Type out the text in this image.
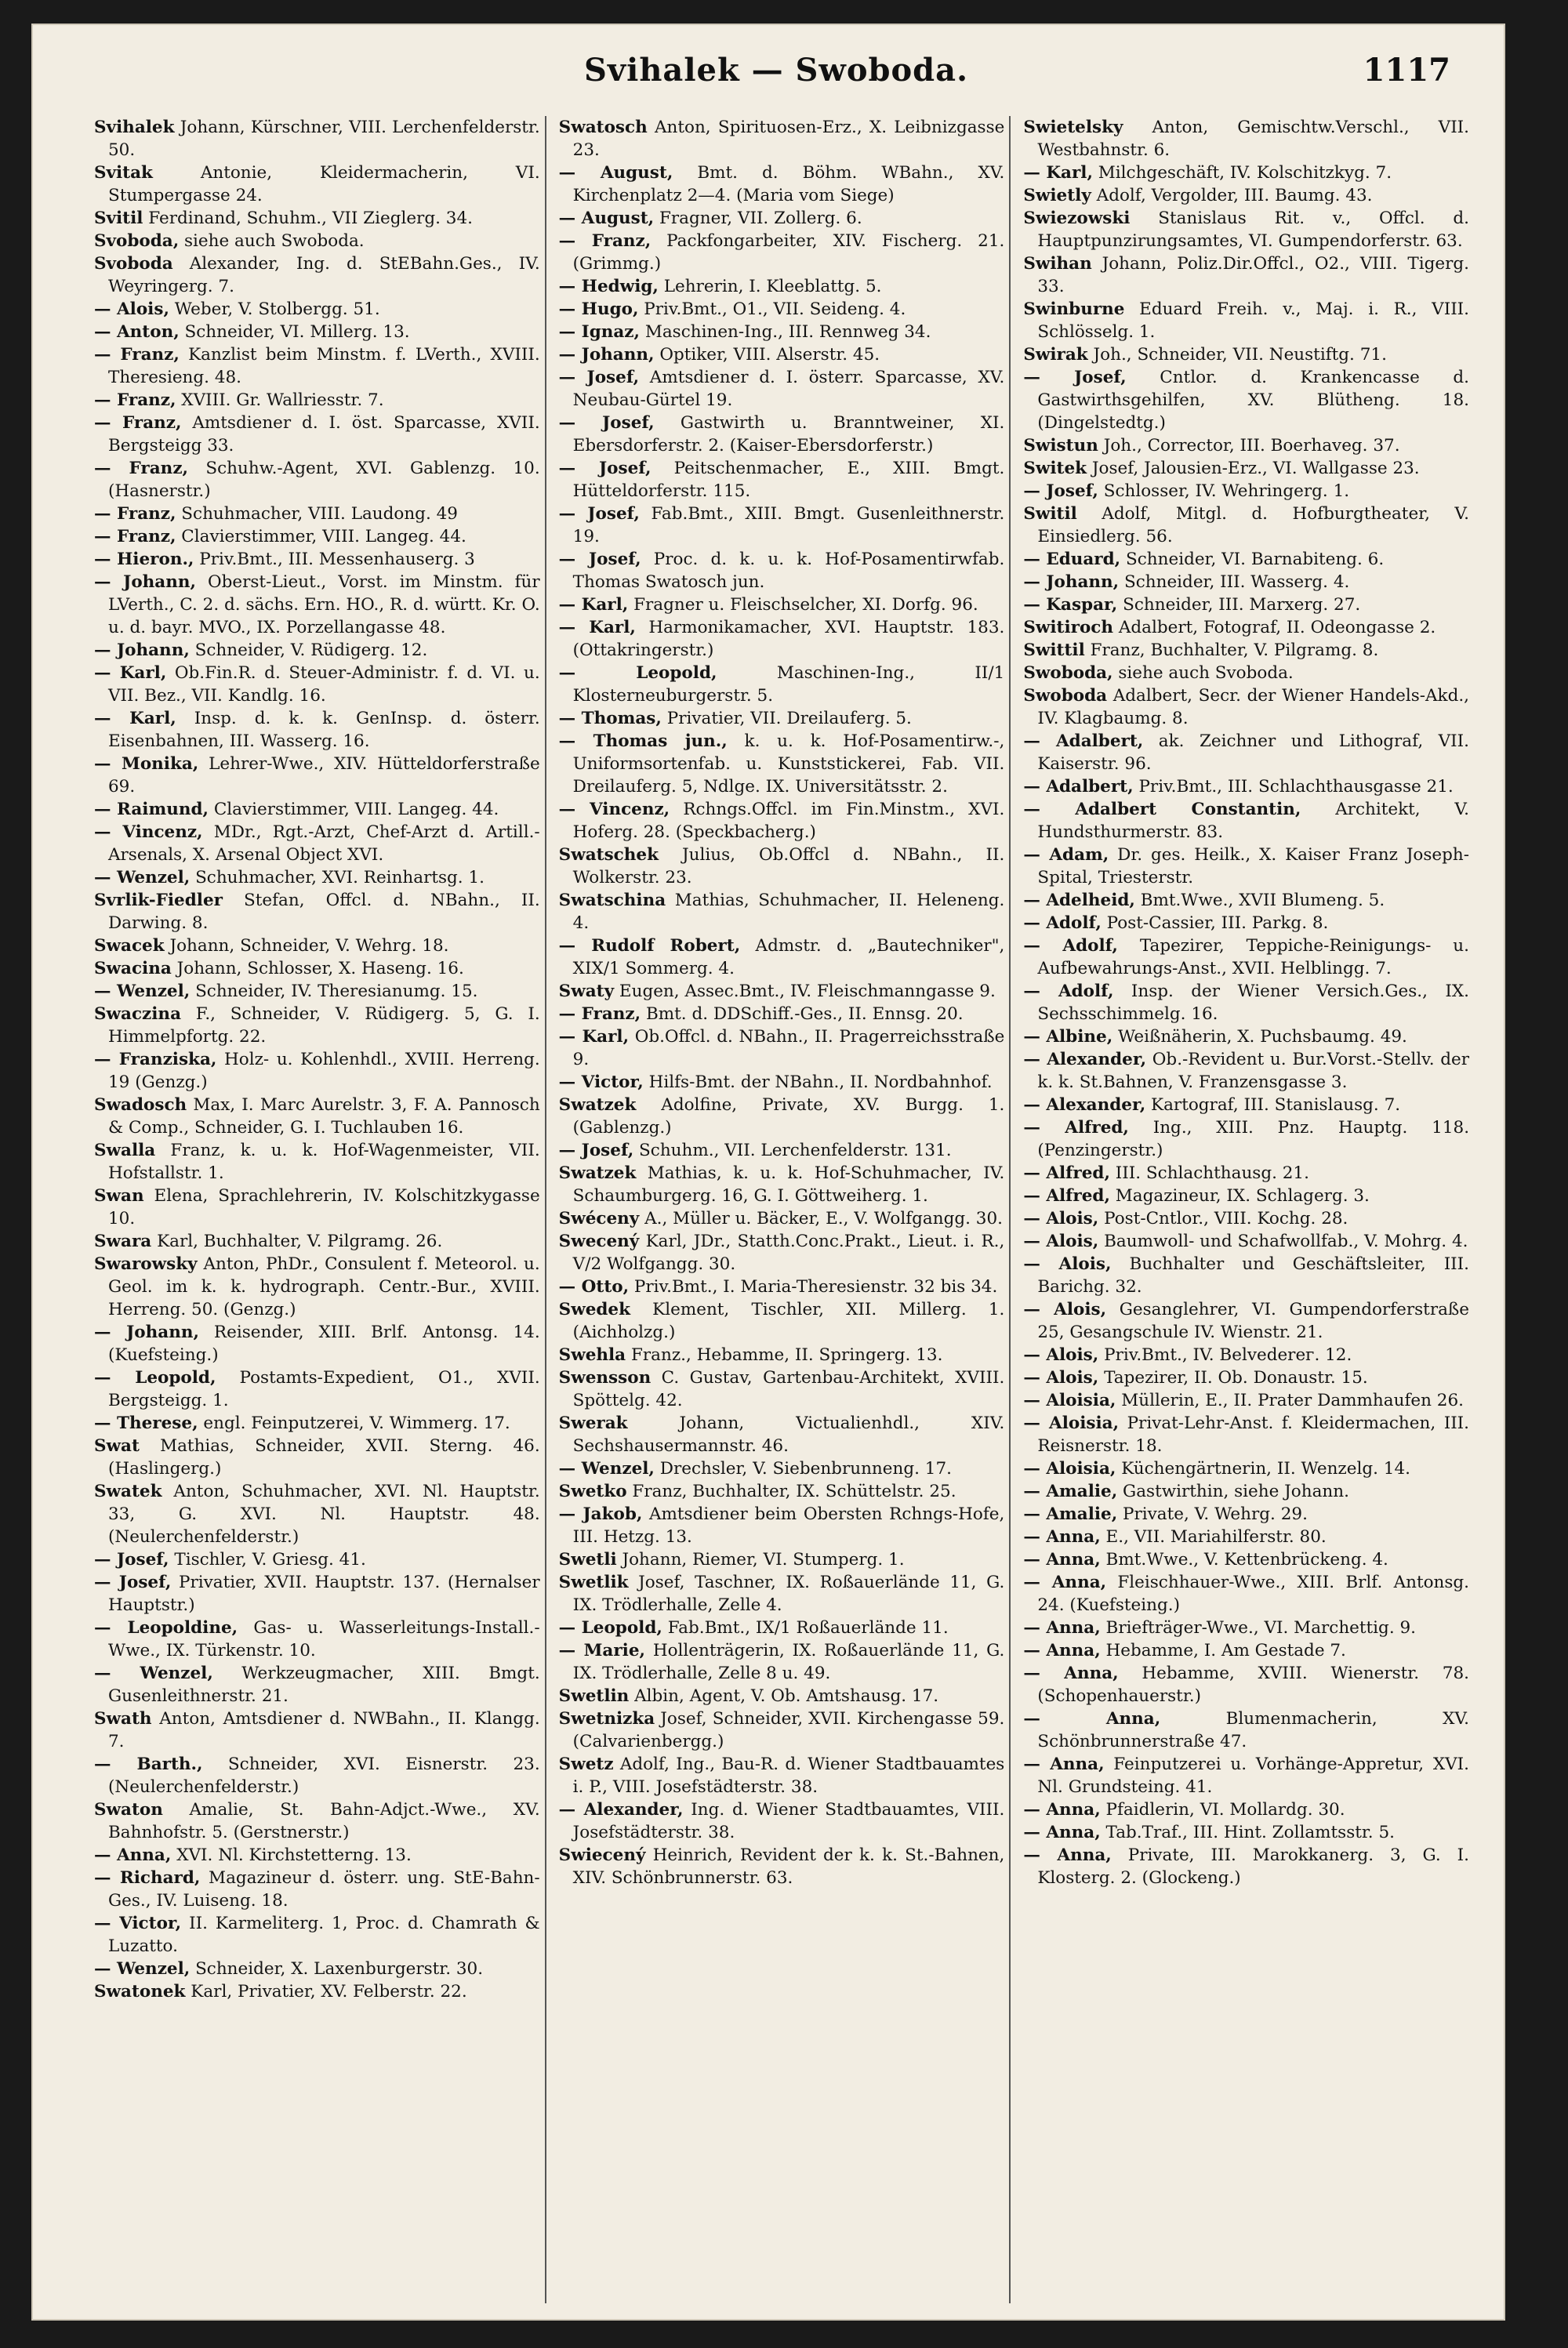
Svihalek — Swoboda.	1117

Svihalek Johann, Kürschner, VIII. Lerchenfelderstr. 50.

Svitak Antonie, Kleidermacherin, VI. Stumpergasse 24.

Svitil Ferdinand, Schuhm., VII Zieglerg. 34.

Svoboda, siehe auch Swoboda.

Svoboda Alexander, Ing. d. StEBahn.Ges., IV. Weyringerg. 7.

— Alois, Weber, V. Stolbergg. 51.

— Anton, Schneider, VI. Millerg. 13.

— Franz, Kanzlist beim Minstm. f. LVerth., XVIII. Theresieng. 48.

— Franz, XVIII. Gr. Wallriesstr. 7.

— Franz, Amtsdiener d. I. öst. Sparcasse, XVII. Bergsteigg 33.

— Franz, Schuhw.-Agent, XVI. Gablenzg. 10. (Hasnerstr.)

— Franz, Schuhmacher, VIII. Laudong. 49

— Franz, Clavierstimmer, VIII. Langeg. 44.

— Hieron., Priv.Bmt., III. Messenhauserg. 3

— Johann, Oberst-Lieut., Vorst. im Minstm. für LVerth., C. 2. d. sächs. Ern. HO., R. d. württ. Kr. O. u. d. bayr. MVO., IX. Porzellangasse 48.

— Johann, Schneider, V. Rüdigerg. 12.

— Karl, Ob.Fin.R. d. Steuer-Administr. f. d. VI. u. VII. Bez., VII. Kandlg. 16.

— Karl, Insp. d. k. k. GenInsp. d. österr. Eisenbahnen, III. Wasserg. 16.

— Monika, Lehrer-Wwe., XIV. Hütteldorferstraße 69.

— Raimund, Clavierstimmer, VIII. Langeg. 44.

— Vincenz, MDr., Rgt.-Arzt, Chef-Arzt d. Artill.-Arsenals, X. Arsenal Object XVI.

— Wenzel, Schuhmacher, XVI. Reinhartsg. 1.

Svrlik-Fiedler Stefan, Offcl. d. NBahn., II. Darwing. 8.

Swacek Johann, Schneider, V. Wehrg. 18.

Swacina Johann, Schlosser, X. Haseng. 16.

— Wenzel, Schneider, IV. Theresianumg. 15.

Swaczina F., Schneider, V. Rüdigerg. 5, G. I. Himmelpfortg. 22.

— Franziska, Holz- u. Kohlenhdl., XVIII. Herreng. 19 (Genzg.)

Swadosch Max, I. Marc Aurelstr. 3, F. A. Pannosch & Comp., Schneider, G. I. Tuchlauben 16.

Swalla Franz, k. u. k. Hof-Wagenmeister, VII. Hofstallstr. 1.

Swan Elena, Sprachlehrerin, IV. Kolschitzkygasse 10.

Swara Karl, Buchhalter, V. Pilgramg. 26.

Swarowsky Anton, PhDr., Consulent f. Meteorol. u. Geol. im k. k. hydrograph. Centr.-Bur., XVIII. Herreng. 50. (Genzg.)

— Johann, Reisender, XIII. Brlf. Antonsg. 14. (Kuefsteing.)

— Leopold, Postamts-Expedient, O1., XVII. Bergsteigg. 1.

— Therese, engl. Feinputzerei, V. Wimmerg. 17.

Swat Mathias, Schneider, XVII. Sterng. 46. (Haslingerg.)

Swatek Anton, Schuhmacher, XVI. Nl. Hauptstr. 33, G. XVI. Nl. Hauptstr. 48. (Neulerchenfelderstr.)

— Josef, Tischler, V. Griesg. 41.

— Josef, Privatier, XVII. Hauptstr. 137. (Hernalser Hauptstr.)

— Leopoldine, Gas- u. Wasserleitungs-Install.-Wwe., IX. Türkenstr. 10.

— Wenzel, Werkzeugmacher, XIII. Bmgt. Gusenleithnerstr. 21.

Swath Anton, Amtsdiener d. NWBahn., II. Klangg. 7.

— Barth., Schneider, XVI. Eisnerstr. 23. (Neulerchenfelderstr.)

Swaton Amalie, St. Bahn-Adjct.-Wwe., XV. Bahnhofstr. 5. (Gerstnerstr.)

— Anna, XVI. Nl. Kirchstetterng. 13.

— Richard, Magazineur d. österr. ung. StE-Bahn-Ges., IV. Luiseng. 18.

— Victor, II. Karmeliterg. 1, Proc. d. Chamrath & Luzatto.

— Wenzel, Schneider, X. Laxenburgerstr. 30.

Swatonek Karl, Privatier, XV. Felberstr. 22.

Swatosch Anton, Spirituosen-Erz., X. Leibnizgasse 23.

— August, Bmt. d. Böhm. WBahn., XV. Kirchenplatz 2—4. (Maria vom Siege)

— August, Fragner, VII. Zollerg. 6.

— Franz, Packfongarbeiter, XIV. Fischerg. 21. (Grimmg.)

— Hedwig, Lehrerin, I. Kleeblattg. 5.

— Hugo, Priv.Bmt., O1., VII. Seideng. 4.

— Ignaz, Maschinen-Ing., III. Rennweg 34.

— Johann, Optiker, VIII. Alserstr. 45.

— Josef, Amtsdiener d. I. österr. Sparcasse, XV. Neubau-Gürtel 19.

— Josef, Gastwirth u. Branntweiner, XI. Ebersdorferstr. 2. (Kaiser-Ebersdorferstr.)

— Josef, Peitschenmacher, E., XIII. Bmgt. Hütteldorferstr. 115.

— Josef, Fab.Bmt., XIII. Bmgt. Gusenleithnerstr. 19.

— Josef, Proc. d. k. u. k. Hof-Posamentirwfab. Thomas Swatosch jun.

— Karl, Fragner u. Fleischselcher, XI. Dorfg. 96.

— Karl, Harmonikamacher, XVI. Hauptstr. 183. (Ottakringerstr.)

— Leopold, Maschinen-Ing., II/1 Klosterneuburgerstr. 5.

— Thomas, Privatier, VII. Dreilauferg. 5.

— Thomas jun., k. u. k. Hof-Posamentirw.-, Uniformsortenfab. u. Kunststickerei, Fab. VII. Dreilauferg. 5, Ndlge. IX. Universitätsstr. 2.

— Vincenz, Rchngs.Offcl. im Fin.Minstm., XVI. Hoferg. 28. (Speckbacherg.)

Swatschek Julius, Ob.Offcl d. NBahn., II. Wolkerstr. 23.

Swatschina Mathias, Schuhmacher, II. Heleneng. 4.

— Rudolf Robert, Admstr. d. „Bautechniker", XIX/1 Sommerg. 4.

Swaty Eugen, Assec.Bmt., IV. Fleischmanngasse 9.

— Franz, Bmt. d. DDSchiff.-Ges., II. Ennsg. 20.

— Karl, Ob.Offcl. d. NBahn., II. Pragerreichsstraße 9.

— Victor, Hilfs-Bmt. der NBahn., II. Nordbahnhof.

Swatzek Adolfine, Private, XV. Burgg. 1. (Gablenzg.)

— Josef, Schuhm., VII. Lerchenfelderstr. 131.

Swatzek Mathias, k. u. k. Hof-Schuhmacher, IV. Schaumburgerg. 16, G. I. Göttweiherg. 1.

Swéceny A., Müller u. Bäcker, E., V. Wolfgangg. 30.

Swecený Karl, JDr., Statth.Conc.Prakt., Lieut. i. R., V/2 Wolfgangg. 30.

— Otto, Priv.Bmt., I. Maria-Theresienstr. 32 bis 34.

Swedek Klement, Tischler, XII. Millerg. 1. (Aichholzg.)

Swehla Franz., Hebamme, II. Springerg. 13.

Swensson C. Gustav, Gartenbau-Architekt, XVIII. Spöttelg. 42.

Swerak Johann, Victualienhdl., XIV. Sechshausermannstr. 46.

— Wenzel, Drechsler, V. Siebenbrunneng. 17.

Swetko Franz, Buchhalter, IX. Schüttelstr. 25.

— Jakob, Amtsdiener beim Obersten Rchngs-Hofe, III. Hetzg. 13.

Swetli Johann, Riemer, VI. Stumperg. 1.

Swetlik Josef, Taschner, IX. Roßauerlände 11, G. IX. Trödlerhalle, Zelle 4.

— Leopold, Fab.Bmt., IX/1 Roßauerlände 11.

— Marie, Hollenträgerin, IX. Roßauerlände 11, G. IX. Trödlerhalle, Zelle 8 u. 49.

Swetlin Albin, Agent, V. Ob. Amtshausg. 17.

Swetnizka Josef, Schneider, XVII. Kirchengasse 59. (Calvarienbergg.)

Swetz Adolf, Ing., Bau-R. d. Wiener Stadtbauamtes i. P., VIII. Josefstädterstr. 38.

— Alexander, Ing. d. Wiener Stadtbauamtes, VIII. Josefstädterstr. 38.

Swiecený Heinrich, Revident der k. k. St.-Bahnen, XIV. Schönbrunnerstr. 63.

Swietelsky Anton, Gemischtw.Verschl., VII. Westbahnstr. 6.

— Karl, Milchgeschäft, IV. Kolschitzkyg. 7.

Swietly Adolf, Vergolder, III. Baumg. 43.

Swiezowski Stanislaus Rit. v., Offcl. d. Hauptpunzirungsamtes, VI. Gumpendorferstr. 63.

Swihan Johann, Poliz.Dir.Offcl., O2., VIII. Tigerg. 33.

Swinburne Eduard Freih. v., Maj. i. R., VIII. Schlösselg. 1.

Swirak Joh., Schneider, VII. Neustiftg. 71.

— Josef, Cntlor. d. Krankencasse d. Gastwirthsgehilfen, XV. Blütheng. 18. (Dingelstedtg.)

Swistun Joh., Corrector, III. Boerhaveg. 37.

Switek Josef, Jalousien-Erz., VI. Wallgasse 23.

— Josef, Schlosser, IV. Wehringerg. 1.

Switil Adolf, Mitgl. d. Hofburgtheater, V. Einsiedlerg. 56.

— Eduard, Schneider, VI. Barnabiteng. 6.

— Johann, Schneider, III. Wasserg. 4.

— Kaspar, Schneider, III. Marxerg. 27.

Switiroch Adalbert, Fotograf, II. Odeongasse 2.

Swittil Franz, Buchhalter, V. Pilgramg. 8.

Swoboda, siehe auch Svoboda.

Swoboda Adalbert, Secr. der Wiener Handels-Akd., IV. Klagbaumg. 8.

— Adalbert, ak. Zeichner und Lithograf, VII. Kaiserstr. 96.

— Adalbert, Priv.Bmt., III. Schlachthausgasse 21.

— Adalbert Constantin, Architekt, V. Hundsthurmerstr. 83.

— Adam, Dr. ges. Heilk., X. Kaiser Franz Joseph-Spital, Triesterstr.

— Adelheid, Bmt.Wwe., XVII Blumeng. 5.

— Adolf, Post-Cassier, III. Parkg. 8.

— Adolf, Tapezirer, Teppiche-Reinigungs- u. Aufbewahrungs-Anst., XVII. Helblingg. 7.

— Adolf, Insp. der Wiener Versich.Ges., IX. Sechsschimmelg. 16.

— Albine, Weißnäherin, X. Puchsbaumg. 49.

— Alexander, Ob.-Revident u. Bur.Vorst.-Stellv. der k. k. St.Bahnen, V. Franzensgasse 3.

— Alexander, Kartograf, III. Stanislausg. 7.

— Alfred, Ing., XIII. Pnz. Hauptg. 118. (Penzingerstr.)

— Alfred, III. Schlachthausg. 21.

— Alfred, Magazineur, IX. Schlagerg. 3.

— Alois, Post-Cntlor., VIII. Kochg. 28.

— Alois, Baumwoll- und Schafwollfab., V. Mohrg. 4.

— Alois, Buchhalter und Geschäftsleiter, III. Barichg. 32.

— Alois, Gesanglehrer, VI. Gumpendorferstraße 25, Gesangschule IV. Wienstr. 21.

— Alois, Priv.Bmt., IV. Belvederег. 12.

— Alois, Tapezirer, II. Ob. Donaustr. 15.

— Aloisia, Müllerin, E., II. Prater Dammhaufen 26.

— Aloisia, Privat-Lehr-Anst. f. Kleidermachen, III. Reisnerstr. 18.

— Aloisia, Küchengärtnerin, II. Wenzelg. 14.

— Amalie, Gastwirthin, siehe Johann.

— Amalie, Private, V. Wehrg. 29.

— Anna, E., VII. Mariahilferstr. 80.

— Anna, Bmt.Wwe., V. Kettenbrückeng. 4.

— Anna, Fleischhauer-Wwe., XIII. Brlf. Antonsg. 24. (Kuefsteing.)

— Anna, Briefträger-Wwe., VI. Marchettig. 9.

— Anna, Hebamme, I. Am Gestade 7.

— Anna, Hebamme, XVIII. Wienerstr. 78. (Schopenhauerstr.)

— Anna, Blumenmacherin, XV. Schönbrunnerstraße 47.

— Anna, Feinputzerei u. Vorhänge-Appretur, XVI. Nl. Grundsteing. 41.

— Anna, Pfaidlerin, VI. Mollardg. 30.

— Anna, Tab.Traf., III. Hint. Zollamtsstr. 5.

— Anna, Private, III. Marokkanerg. 3, G. I. Klosterg. 2. (Glockeng.)
